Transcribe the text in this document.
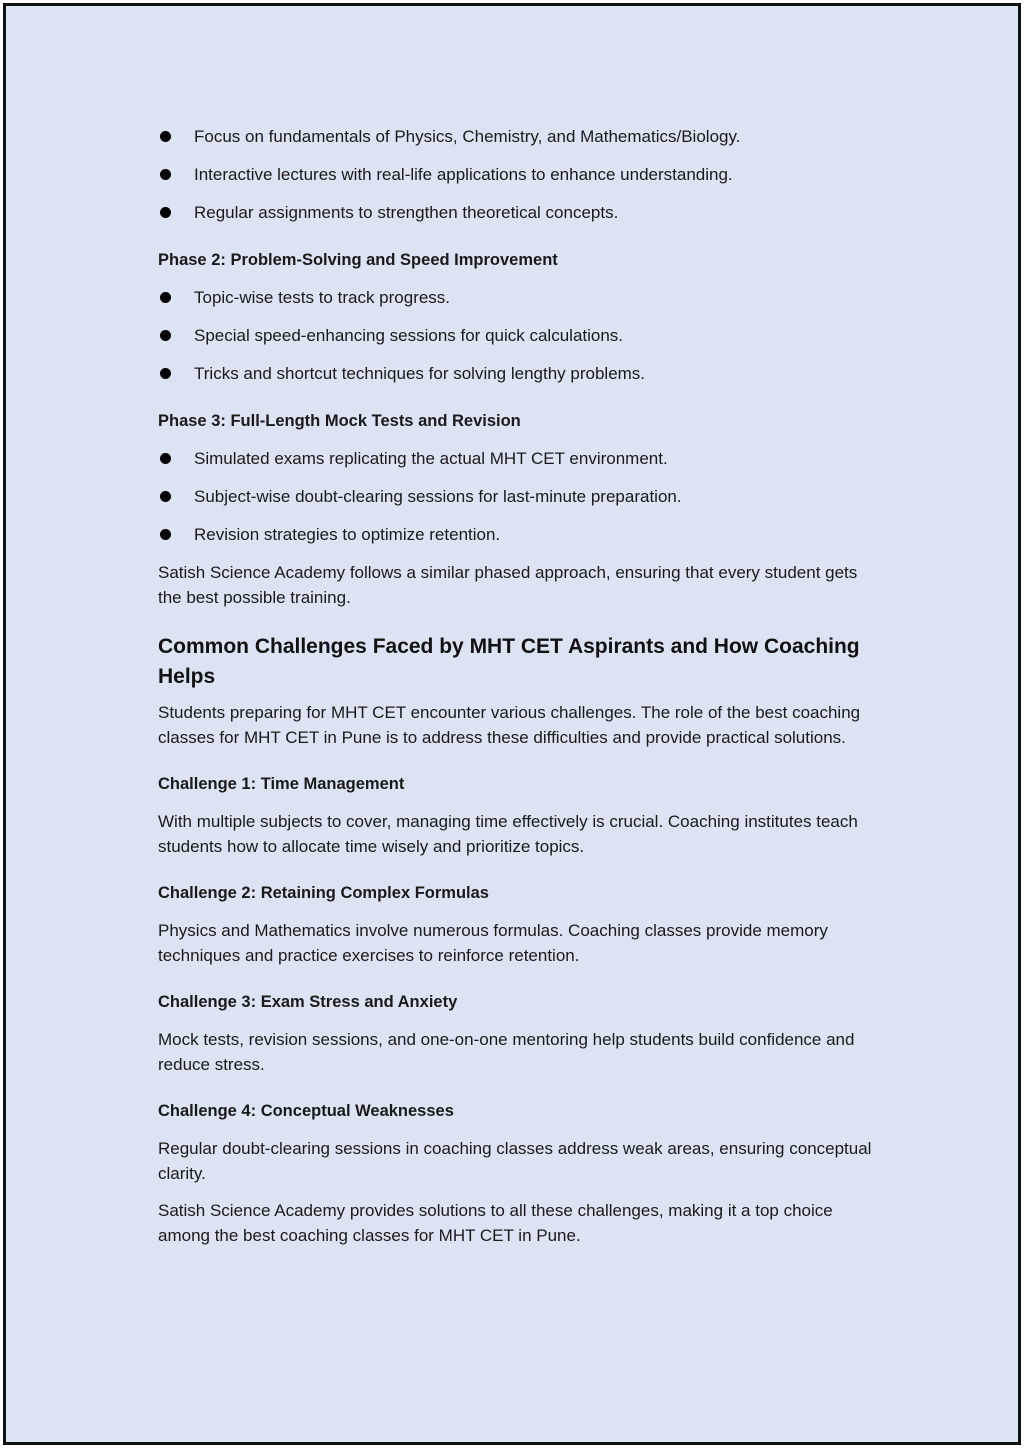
Focus on fundamentals of Physics, Chemistry, and Mathematics/Biology.
Interactive lectures with real-life applications to enhance understanding.
Regular assignments to strengthen theoretical concepts.
Phase 2: Problem-Solving and Speed Improvement
Topic-wise tests to track progress.
Special speed-enhancing sessions for quick calculations.
Tricks and shortcut techniques for solving lengthy problems.
Phase 3: Full-Length Mock Tests and Revision
Simulated exams replicating the actual MHT CET environment.
Subject-wise doubt-clearing sessions for last-minute preparation.
Revision strategies to optimize retention.

Satish Science Academy follows a similar phased approach, ensuring that every student gets the best possible training.

Common Challenges Faced by MHT CET Aspirants and How Coaching Helps

Students preparing for MHT CET encounter various challenges. The role of the best coaching classes for MHT CET in Pune is to address these difficulties and provide practical solutions.

Challenge 1: Time Management

With multiple subjects to cover, managing time effectively is crucial. Coaching institutes teach students how to allocate time wisely and prioritize topics.

Challenge 2: Retaining Complex Formulas

Physics and Mathematics involve numerous formulas. Coaching classes provide memory techniques and practice exercises to reinforce retention.

Challenge 3: Exam Stress and Anxiety

Mock tests, revision sessions, and one-on-one mentoring help students build confidence and reduce stress.

Challenge 4: Conceptual Weaknesses

Regular doubt-clearing sessions in coaching classes address weak areas, ensuring conceptual clarity.

Satish Science Academy provides solutions to all these challenges, making it a top choice among the best coaching classes for MHT CET in Pune.
